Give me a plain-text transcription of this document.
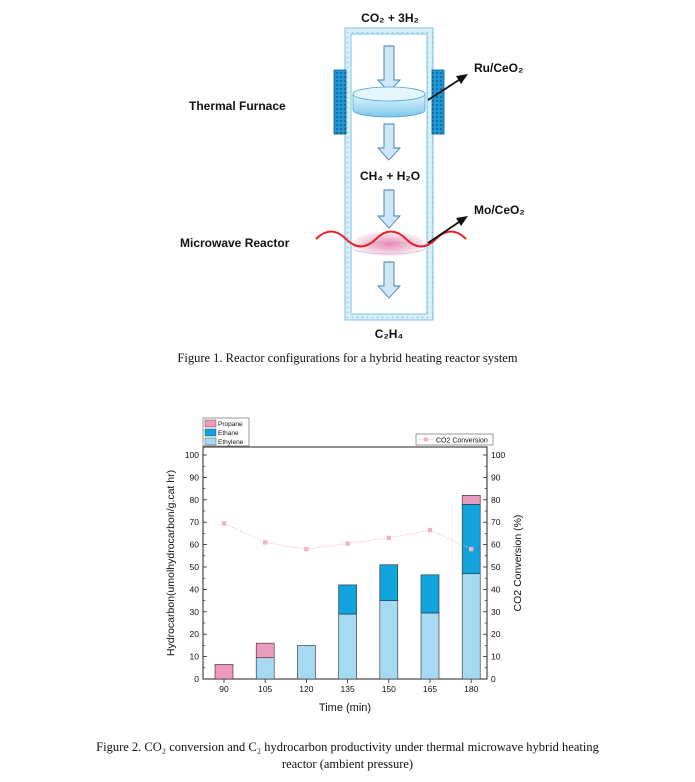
CO₂ + 3H₂
CH₄ + H₂O
C₂H₄
Ru/CeO₂
Mo/CeO₂
Thermal Furnace
Microwave Reactor
Figure 1. Reactor configurations for a hybrid heating reactor system
0
10
20
30
40
50
60
70
80
90
100
0
10
20
30
40
50
60
70
80
90
100
90	105	120	135	150	165	180
Propane
Ethane
Ethylene	CO2 Conversion
Time (min)
Hydrocarbon(umolhydrocarbon/g.cat hr)	CO2 Conversion (%)
Figure 2. CO₂ conversion and C₂ hydrocarbon productivity under thermal microwave hybrid heating
reactor (ambient pressure)
